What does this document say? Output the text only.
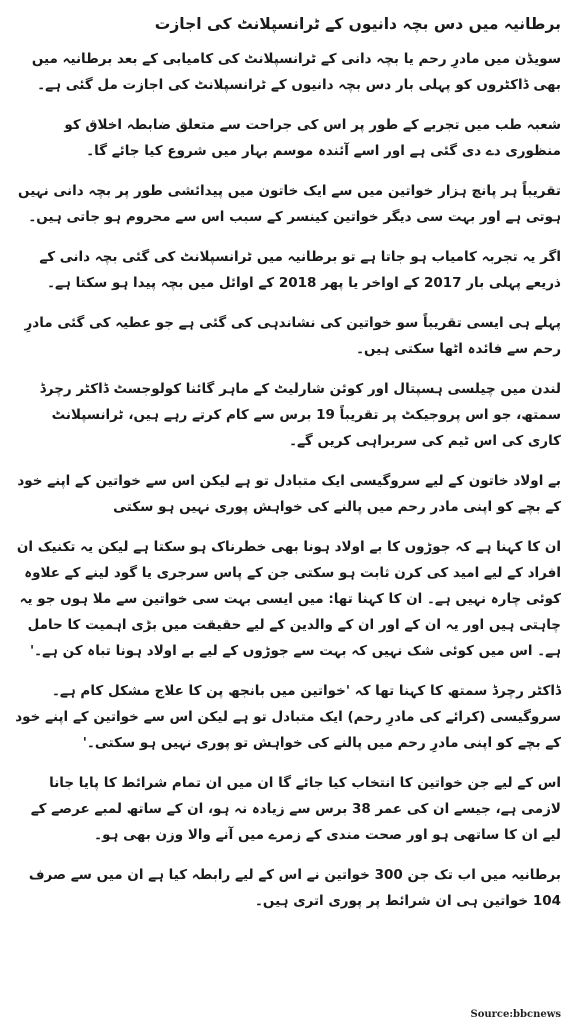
برطانیہ میں دس بچہ دانیوں کے ٹرانسپلانٹ کی اجازت

سویڈن میں مادرِ رحم یا بچہ دانی کے ٹرانسپلانٹ کی کامیابی کے بعد برطانیہ میں بھی ڈاکٹروں کو پہلی بار دس بچہ دانیوں کے ٹرانسپلانٹ کی اجازت مل گئی ہے۔

شعبہ طب میں تجربے کے طور پر اس کی جراحت سے متعلق ضابطہ اخلاق کو منظوری دے دی گئی ہے اور اسے آئندہ موسم بہار میں شروع کیا جائے گا۔

تقریباً ہر پانچ ہزار خواتین میں سے ایک خاتون میں پیدائشی طور پر بچہ دانی نہیں ہوتی ہے اور بہت سی دیگر خواتین کینسر کے سبب اس سے محروم ہو جاتی ہیں۔

اگر یہ تجربہ کامیاب ہو جاتا ہے تو برطانیہ میں ٹرانسپلانٹ کی گئی بچہ دانی کے ذریعے پہلی بار 2017 کے اواخر یا پھر 2018 کے اوائل میں بچہ پیدا ہو سکتا ہے۔

پہلے ہی ایسی تقریباً سو خواتین کی نشاندہی کی گئی ہے جو عطیہ کی گئی مادرِ رحم سے فائدہ اٹھا سکتی ہیں۔

لندن میں چیلسی ہسپتال اور کوئن شارلیٹ کے ماہر گائنا کولوجسٹ ڈاکٹر رچرڈ سمتھ، جو اس پروجیکٹ پر تقریباً 19 برس سے کام کرتے رہے ہیں، ٹرانسپلانٹ کاری کی اس ٹیم کی سربراہی کریں گے۔

بے اولاد خاتون کے لیے سروگیسی ایک متبادل تو ہے لیکن اس سے خواتین کے اپنے خود کے بچے کو اپنی مادر رحم میں پالنے کی خواہش پوری نہیں ہو سکتی

ان کا کہنا ہے کہ جوڑوں کا بے اولاد ہونا بھی خطرناک ہو سکتا ہے لیکن یہ تکنیک ان افراد کے لیے امید کی کرن ثابت ہو سکتی جن کے پاس سرجری یا گود لینے کے علاوہ کوئی چارہ نہیں ہے۔ ان کا کہنا تھا: میں ایسی بہت سی خواتین سے ملا ہوں جو یہ چاہتی ہیں اور یہ ان کے اور ان کے والدین کے لیے حقیقت میں بڑی اہمیت کا حامل ہے۔ اس میں کوئی شک نہیں کہ بہت سے جوڑوں کے لیے بے اولاد ہونا تباہ کن ہے۔'

ڈاکٹر رچرڈ سمتھ کا کہنا تھا کہ 'خواتین میں بانجھ پن کا علاج مشکل کام ہے۔ سروگیسی (کرائے کی مادرِ رحم) ایک متبادل تو ہے لیکن اس سے خواتین کے اپنے خود کے بچے کو اپنی مادرِ رحم میں پالنے کی خواہش تو پوری نہیں ہو سکتی۔'

اس کے لیے جن خواتین کا انتخاب کیا جائے گا ان میں ان تمام شرائط کا پایا جانا لازمی ہے، جیسے ان کی عمر 38 برس سے زیادہ نہ ہو، ان کے ساتھ لمبے عرصے کے لیے ان کا ساتھی ہو اور صحت مندی کے زمرے میں آنے والا وزن بھی ہو۔

برطانیہ میں اب تک جن 300 خواتین نے اس کے لیے رابطہ کیا ہے ان میں سے صرف 104 خواتین ہی ان شرائط پر پوری اتری ہیں۔

Source:bbcnews
